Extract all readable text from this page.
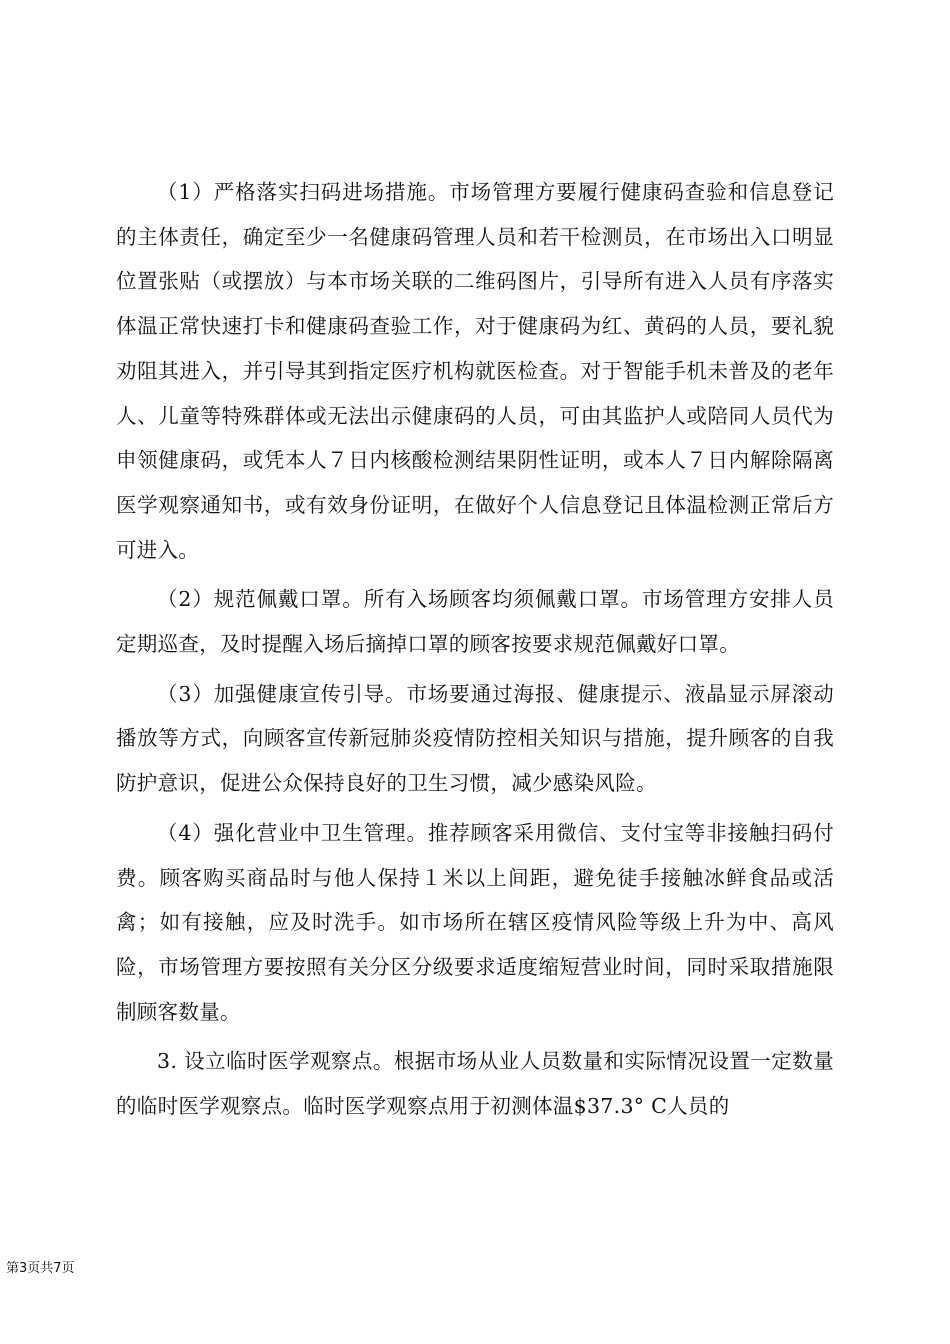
（1）严格落实扫码进场措施。市场管理方要履行健康码查验和信息登记的主体责任，确定至少一名健康码管理人员和若干检测员，在市场出入口明显位置张贴（或摆放）与本市场关联的二维码图片，引导所有进入人员有序落实体温正常快速打卡和健康码查验工作，对于健康码为红、黄码的人员，要礼貌劝阻其进入，并引导其到指定医疗机构就医检查。对于智能手机未普及的老年人、儿童等特殊群体或无法出示健康码的人员，可由其监护人或陪同人员代为申领健康码，或凭本人７日内核酸检测结果阴性证明，或本人７日内解除隔离医学观察通知书，或有效身份证明，在做好个人信息登记且体温检测正常后方可进入。

（2）规范佩戴口罩。所有入场顾客均须佩戴口罩。市场管理方安排人员定期巡查，及时提醒入场后摘掉口罩的顾客按要求规范佩戴好口罩。

（3）加强健康宣传引导。市场要通过海报、健康提示、液晶显示屏滚动播放等方式，向顾客宣传新冠肺炎疫情防控相关知识与措施，提升顾客的自我防护意识，促进公众保持良好的卫生习惯，减少感染风险。

（4）强化营业中卫生管理。推荐顾客采用微信、支付宝等非接触扫码付费。顾客购买商品时与他人保持１米以上间距，避免徒手接触冰鲜食品或活禽；如有接触，应及时洗手。如市场所在辖区疫情风险等级上升为中、高风险，市场管理方要按照有关分区分级要求适度缩短营业时间，同时采取措施限制顾客数量。

3. 设立临时医学观察点。根据市场从业人员数量和实际情况设置一定数量的临时医学观察点。临时医学观察点用于初测体温$37.3° C人员的

第3页共7页
